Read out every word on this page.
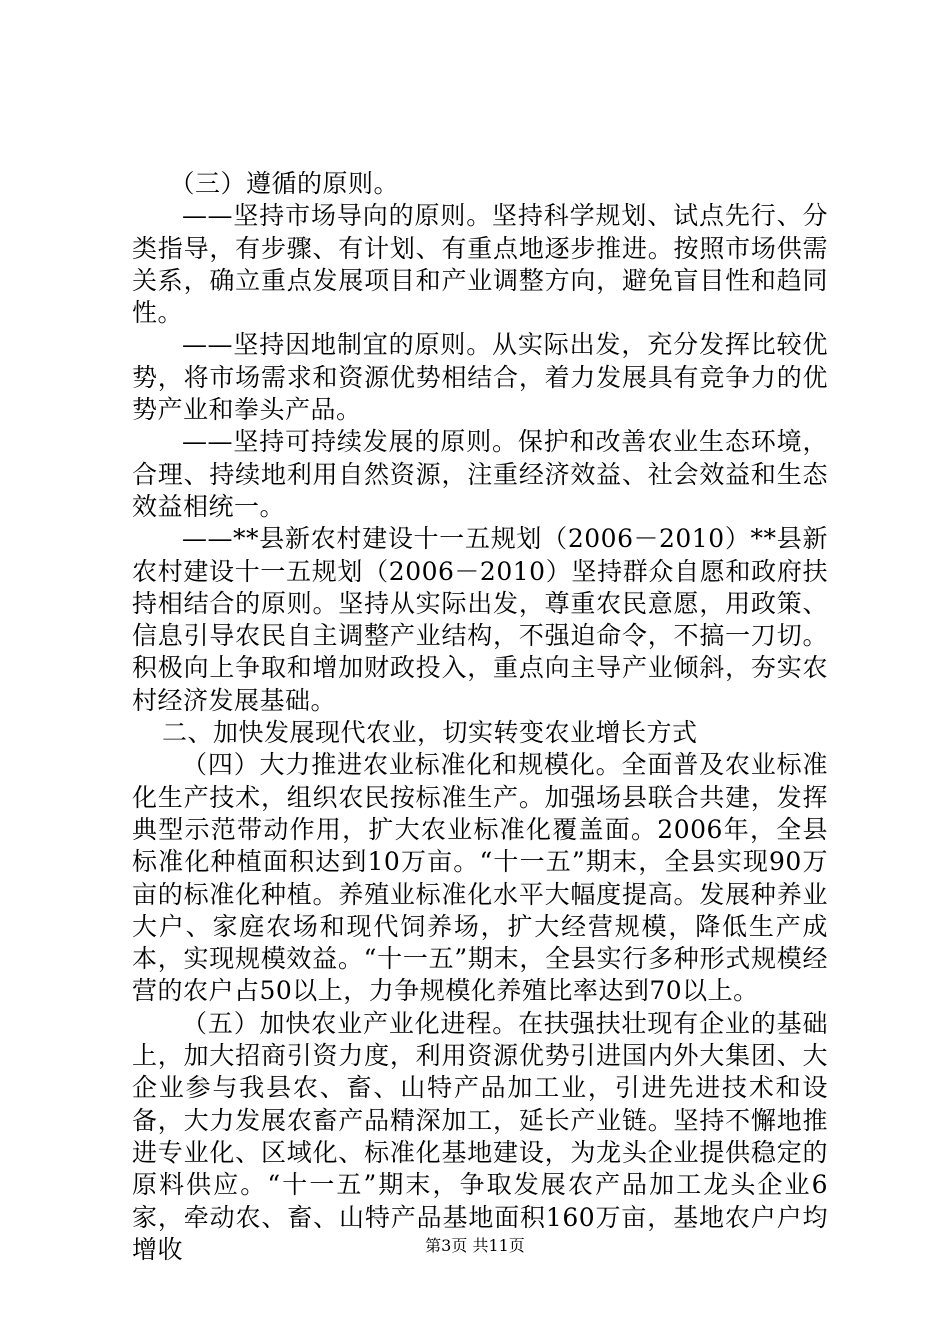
（三）遵循的原则。

——坚持市场导向的原则。坚持科学规划、试点先行、分类指导，有步骤、有计划、有重点地逐步推进。按照市场供需关系，确立重点发展项目和产业调整方向，避免盲目性和趋同性。

——坚持因地制宜的原则。从实际出发，充分发挥比较优势，将市场需求和资源优势相结合，着力发展具有竞争力的优势产业和拳头产品。

——坚持可持续发展的原则。保护和改善农业生态环境，合理、持续地利用自然资源，注重经济效益、社会效益和生态效益相统一。

——**县新农村建设十一五规划（2006－2010）**县新农村建设十一五规划（2006－2010）坚持群众自愿和政府扶持相结合的原则。坚持从实际出发，尊重农民意愿，用政策、信息引导农民自主调整产业结构，不强迫命令，不搞一刀切。积极向上争取和增加财政投入，重点向主导产业倾斜，夯实农村经济发展基础。

二、加快发展现代农业，切实转变农业增长方式

（四）大力推进农业标准化和规模化。全面普及农业标准化生产技术，组织农民按标准生产。加强场县联合共建，发挥典型示范带动作用，扩大农业标准化覆盖面。2006年，全县标准化种植面积达到10万亩。“十一五”期末，全县实现90万亩的标准化种植。养殖业标准化水平大幅度提高。发展种养业大户、家庭农场和现代饲养场，扩大经营规模，降低生产成本，实现规模效益。“十一五”期末，全县实行多种形式规模经营的农户占50以上，力争规模化养殖比率达到70以上。

（五）加快农业产业化进程。在扶强扶壮现有企业的基础上，加大招商引资力度，利用资源优势引进国内外大集团、大企业参与我县农、畜、山特产品加工业，引进先进技术和设备，大力发展农畜产品精深加工，延长产业链。坚持不懈地推进专业化、区域化、标准化基地建设，为龙头企业提供稳定的原料供应。“十一五”期末，争取发展农产品加工龙头企业6家，牵动农、畜、山特产品基地面积160万亩，基地农户户均增收	第3页 共11页
